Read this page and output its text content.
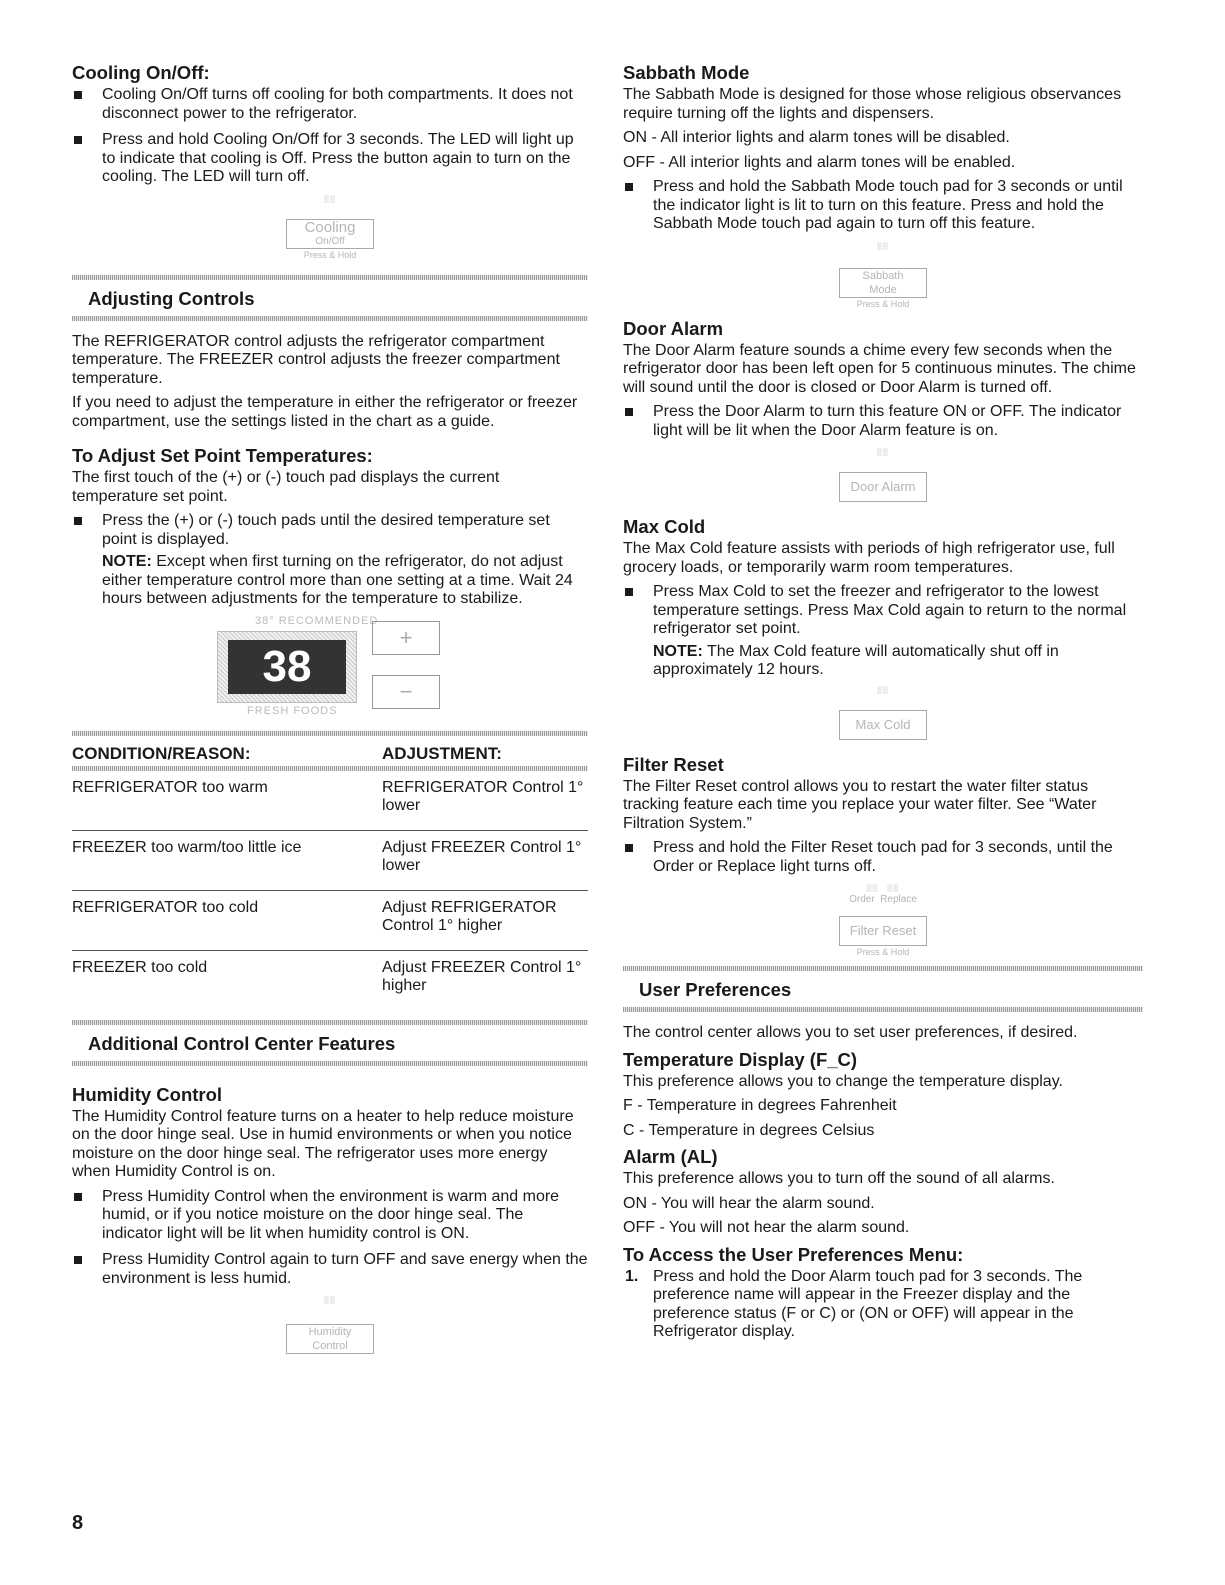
Cooling On/Off:
Cooling On/Off turns off cooling for both compartments. It does not disconnect power to the refrigerator.
Press and hold Cooling On/Off for 3 seconds. The LED will light up to indicate that cooling is Off. Press the button again to turn on the cooling. The LED will turn off.
▒▒
Cooling
On/Off
Press & Hold
Adjusting Controls

The REFRIGERATOR control adjusts the refrigerator compartment temperature. The FREEZER control adjusts the freezer compartment temperature.

If you need to adjust the temperature in either the refrigerator or freezer compartment, use the settings listed in the chart as a guide.

To Adjust Set Point Temperatures:

The first touch of the (+) or (-) touch pad displays the current temperature set point.

Press the (+) or (-) touch pads until the desired temperature set point is displayed.

NOTE: Except when first turning on the refrigerator, do not adjust either temperature control more than one setting at a time. Wait 24 hours between adjustments for the temperature to stabilize.

38° RECOMMENDED
38
FRESH FOODS
+
−
CONDITION/REASON:	ADJUSTMENT:

REFRIGERATOR too warm	REFRIGERATOR Control 1° lower
FREEZER too warm/too little ice	Adjust FREEZER Control 1° lower
REFRIGERATOR too cold	Adjust REFRIGERATOR Control 1° higher
FREEZER too cold	Adjust FREEZER Control 1° higher
Additional Control Center Features
Humidity Control

The Humidity Control feature turns on a heater to help reduce moisture on the door hinge seal. Use in humid environments or when you notice moisture on the door hinge seal. The refrigerator uses more energy when Humidity Control is on.

Press Humidity Control when the environment is warm and more humid, or if you notice moisture on the door hinge seal. The indicator light will be lit when humidity control is ON.
Press Humidity Control again to turn OFF and save energy when the environment is less humid.
▒▒
Humidity
Control
8
Sabbath Mode

The Sabbath Mode is designed for those whose religious observances require turning off the lights and dispensers.

ON - All interior lights and alarm tones will be disabled.

OFF - All interior lights and alarm tones will be enabled.

Press and hold the Sabbath Mode touch pad for 3 seconds or until the indicator light is lit to turn on this feature. Press and hold the Sabbath Mode touch pad again to turn off this feature.
▒▒
Sabbath
Mode
Press & Hold
Door Alarm

The Door Alarm feature sounds a chime every few seconds when the refrigerator door has been left open for 5 continuous minutes. The chime will sound until the door is closed or Door Alarm is turned off.

Press the Door Alarm to turn this feature ON or OFF. The indicator light will be lit when the Door Alarm feature is on.
▒▒
Door Alarm
Max Cold

The Max Cold feature assists with periods of high refrigerator use, full grocery loads, or temporarily warm room temperatures.

Press Max Cold to set the freezer and refrigerator to the lowest temperature settings. Press Max Cold again to return to the normal refrigerator set point.

NOTE: The Max Cold feature will automatically shut off in approximately 12 hours.

▒▒
Max Cold
Filter Reset

The Filter Reset control allows you to restart the water filter status tracking feature each time you replace your water filter. See “Water Filtration System.”

Press and hold the Filter Reset touch pad for 3 seconds, until the Order or Replace light turns off.
▒▒   ▒▒
Order  Replace
Filter Reset
Press & Hold
User Preferences

The control center allows you to set user preferences, if desired.

Temperature Display (F_C)

This preference allows you to change the temperature display.

F - Temperature in degrees Fahrenheit

C - Temperature in degrees Celsius

Alarm (AL)

This preference allows you to turn off the sound of all alarms.

ON - You will hear the alarm sound.

OFF - You will not hear the alarm sound.

To Access the User Preferences Menu:
1. Press and hold the Door Alarm touch pad for 3 seconds. The preference name will appear in the Freezer display and the preference status (F or C) or (ON or OFF) will appear in the Refrigerator display.
